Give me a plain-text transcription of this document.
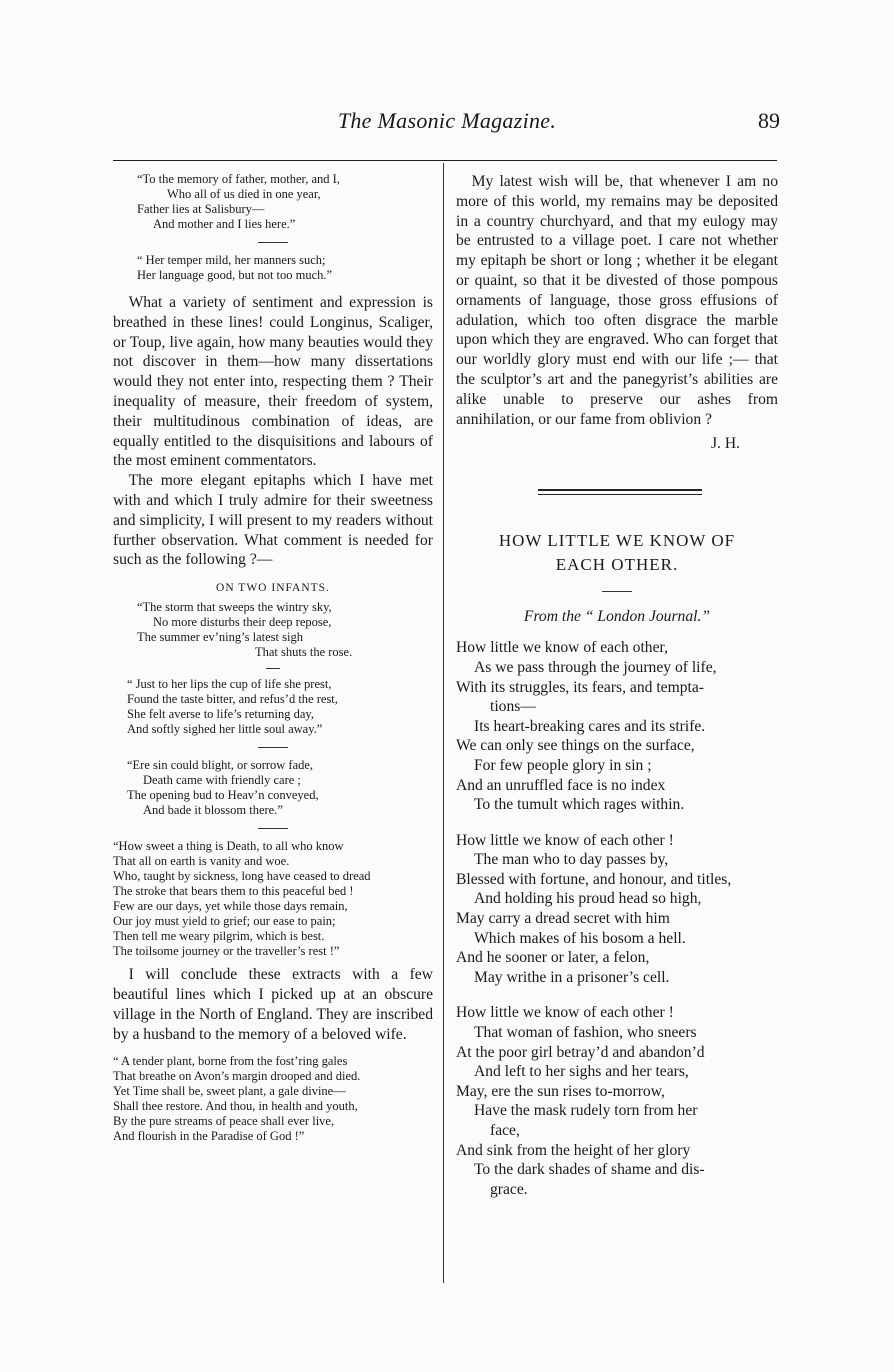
The Masonic Magazine.	89

“To the memory of father, mother, and I,

Who all of us died in one year,

Father lies at Salisbury—

And mother and I lies here.”

“ Her temper mild, her manners such;

Her language good, but not too much.”

What a variety of sentiment and expression is breathed in these lines! could Longinus, Scaliger, or Toup, live again, how many beauties would they not discover in them—how many dissertations would they not enter into, respecting them ? Their inequality of measure, their freedom of system, their multitudinous combination of ideas, are equally entitled to the disquisitions and labours of the most eminent commentators.

The more elegant epitaphs which I have met with and which I truly admire for their sweetness and simplicity, I will present to my readers without further observation. What comment is needed for such as the following ?—

ON TWO INFANTS.

“The storm that sweeps the wintry sky,

No more disturbs their deep repose,

The summer ev’ning’s latest sigh

That shuts the rose.

“ Just to her lips the cup of life she prest,

Found the taste bitter, and refus’d the rest,

She felt averse to life’s returning day,

And softly sighed her little soul away.”

“Ere sin could blight, or sorrow fade,

Death came with friendly care ;

The opening bud to Heav’n conveyed,

And bade it blossom there.”

“How sweet a thing is Death, to all who know

That all on earth is vanity and woe.

Who, taught by sickness, long have ceased to dread

The stroke that bears them to this peaceful bed !

Few are our days, yet while those days remain,

Our joy must yield to grief; our ease to pain;

Then tell me weary pilgrim, which is best.

The toilsome journey or the traveller’s rest !”

I will conclude these extracts with a few beautiful lines which I picked up at an obscure village in the North of England. They are inscribed by a husband to the memory of a beloved wife.

“ A tender plant, borne from the fost’ring gales

That breathe on Avon’s margin drooped and died.

Yet Time shall be, sweet plant, a gale divine—

Shall thee restore. And thou, in health and youth,

By the pure streams of peace shall ever live,

And flourish in the Paradise of God !”

My latest wish will be, that whenever I am no more of this world, my remains may be deposited in a country churchyard, and that my eulogy may be entrusted to a village poet. I care not whether my epitaph be short or long ; whether it be elegant or quaint, so that it be divested of those pompous ornaments of language, those gross effusions of adulation, which too often disgrace the marble upon which they are engraved. Who can forget that our worldly glory must end with our life ;— that the sculptor’s art and the panegyrist’s abilities are alike unable to preserve our ashes from annihilation, or our fame from oblivion ?

J. H.
HOW LITTLE WE KNOW OF
EACH OTHER.
From the “ London Journal.”

How little we know of each other,

As we pass through the journey of life,

With its struggles, its fears, and tempta-

tions—

Its heart-breaking cares and its strife.

We can only see things on the surface,

For few people glory in sin ;

And an unruffled face is no index

To the tumult which rages within.

How little we know of each other !

The man who to day passes by,

Blessed with fortune, and honour, and titles,

And holding his proud head so high,

May carry a dread secret with him

Which makes of his bosom a hell.

And he sooner or later, a felon,

May writhe in a prisoner’s cell.

How little we know of each other !

That woman of fashion, who sneers

At the poor girl betray’d and abandon’d

And left to her sighs and her tears,

May, ere the sun rises to-morrow,

Have the mask rudely torn from her

face,

And sink from the height of her glory

To the dark shades of shame and dis-

grace.
